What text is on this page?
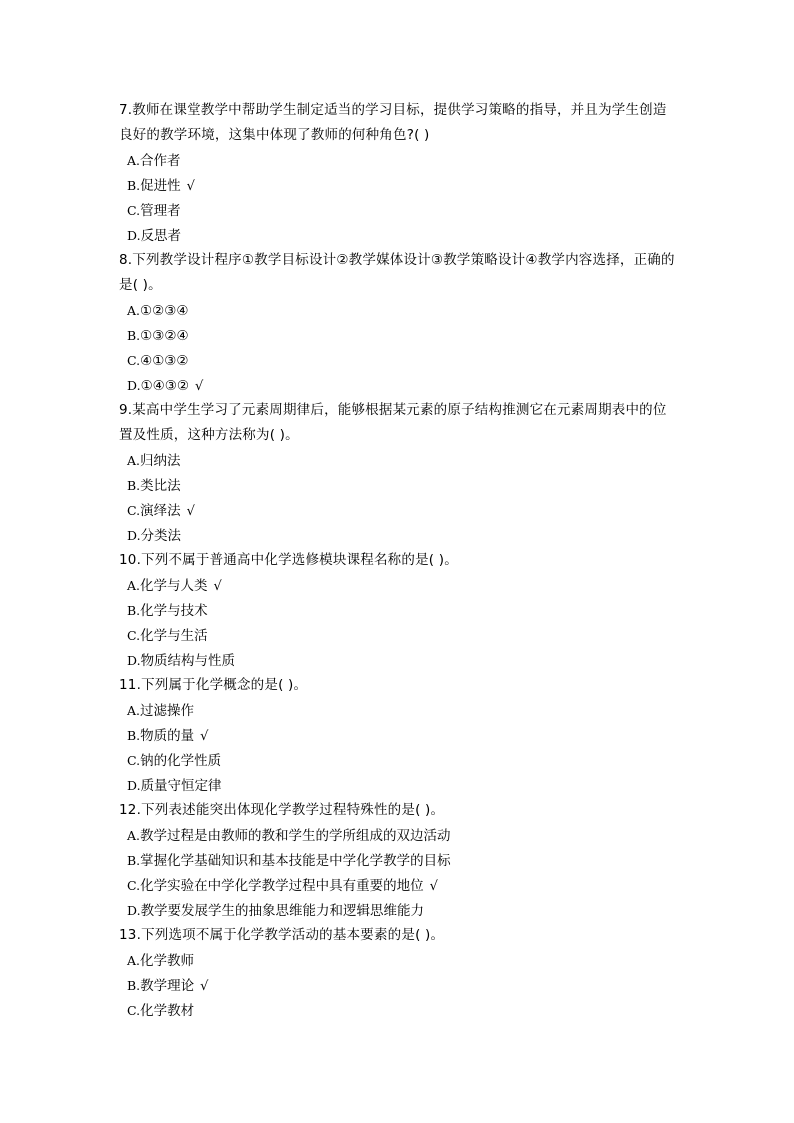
7.教师在课堂教学中帮助学生制定适当的学习目标，提供学习策略的指导，并且为学生创造良好的教学环境，这集中体现了教师的何种角色?( )

A.合作者
B.促进性 √
C.管理者
D.反思者

8.下列教学设计程序①教学目标设计②教学媒体设计③教学策略设计④教学内容选择，正确的是( )。

A.①②③④
B.①③②④
C.④①③②
D.①④③② √

9.某高中学生学习了元素周期律后，能够根据某元素的原子结构推测它在元素周期表中的位置及性质，这种方法称为( )。

A.归纳法
B.类比法
C.演绎法 √
D.分类法

10.下列不属于普通高中化学选修模块课程名称的是( )。

A.化学与人类 √
B.化学与技术
C.化学与生活
D.物质结构与性质

11.下列属于化学概念的是( )。

A.过滤操作
B.物质的量 √
C.钠的化学性质
D.质量守恒定律

12.下列表述能突出体现化学教学过程特殊性的是( )。

A.教学过程是由教师的教和学生的学所组成的双边活动
B.掌握化学基础知识和基本技能是中学化学教学的目标
C.化学实验在中学化学教学过程中具有重要的地位 √
D.教学要发展学生的抽象思维能力和逻辑思维能力

13.下列选项不属于化学教学活动的基本要素的是( )。

A.化学教师
B.教学理论 √
C.化学教材
